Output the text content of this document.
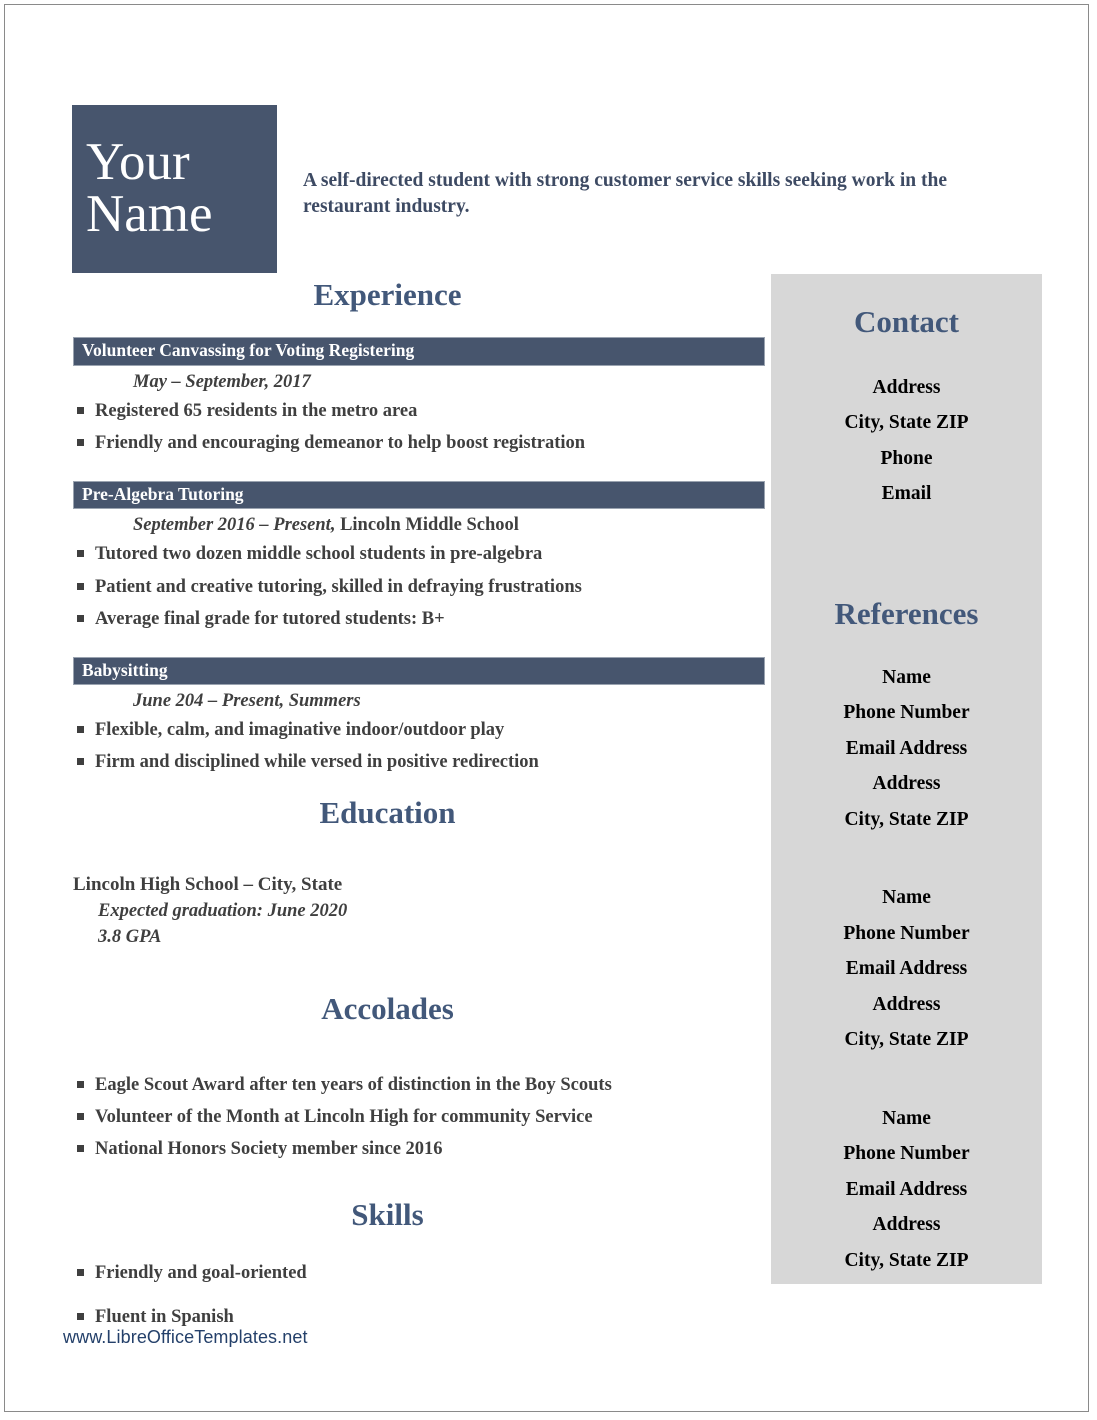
Your
Name
A self-directed student with strong customer service skills seeking work in the restaurant industry.
Experience
Volunteer Canvassing for Voting Registering
May – September, 2017
Registered 65 residents in the metro area
Friendly and encouraging demeanor to help boost registration
Pre-Algebra Tutoring
September 2016 – Present, Lincoln Middle School
Tutored two dozen middle school students in pre-algebra
Patient and creative tutoring, skilled in defraying frustrations
Average final grade for tutored students: B+
Babysitting
June 204 – Present, Summers
Flexible, calm, and imaginative indoor/outdoor play
Firm and disciplined while versed in positive redirection
Education
Lincoln High School – City, State
Expected graduation: June 2020
3.8 GPA
Accolades
Eagle Scout Award after ten years of distinction in the Boy Scouts
Volunteer of the Month at Lincoln High for community Service
National Honors Society member since 2016
Skills
Friendly and goal-oriented
Fluent in Spanish
Contact
Address
City, State ZIP
Phone
Email
References
Name
Phone Number
Email Address
Address
City, State ZIP
Name
Phone Number
Email Address
Address
City, State ZIP
Name
Phone Number
Email Address
Address
City, State ZIP
www.LibreOfficeTemplates.net
